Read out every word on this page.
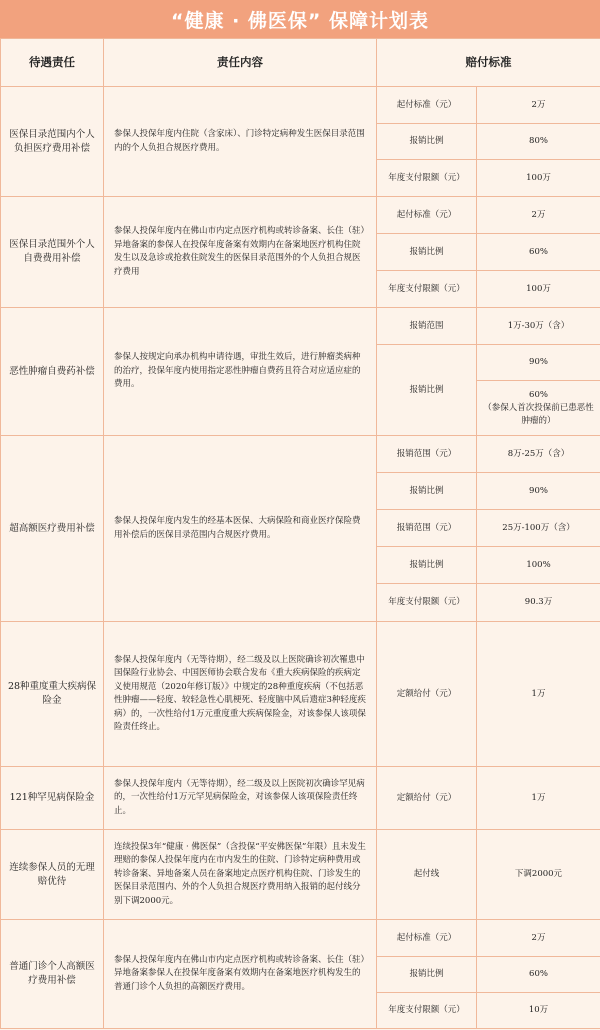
“健康 · 佛医保” 保障计划表
待遇责任	责任内容	赔付标准	
医保目录范围内个人负担医疗费用补偿	参保人投保年度内住院（含家床）、门诊特定病种发生医保目录范围内的个人负担合规医疗费用。	起付标准（元）	2万
		报销比例	80%
		年度支付限额（元）	100万
医保目录范围外个人自费费用补偿	参保人投保年度内在佛山市内定点医疗机构或转诊备案、长住（驻）异地备案的参保人在投保年度备案有效期内在备案地医疗机构住院发生以及急诊或抢救住院发生的医保目录范围外的个人负担合规医疗费用	起付标准（元）	2万
		报销比例	60%
		年度支付限额（元）	100万
恶性肿瘤自费药补偿	参保人按规定向承办机构申请待遇，审批生效后，进行肿瘤类病种的治疗，投保年度内使用指定恶性肿瘤自费药且符合对应适应症的费用。	报销范围	1万-30万（含）
		报销比例	90%

			60%
（参保人首次投保前已患恶性肿瘤的）

超高额医疗费用补偿	参保人投保年度内发生的经基本医保、大病保险和商业医疗保险费用补偿后的医保目录范围内合规医疗费用。	报销范围（元）	8万-25万（含）
		报销比例	90%
		报销范围（元）	25万-100万（含）
		报销比例	100%
		年度支付限额（元）	90.3万
28种重度重大疾病保险金	参保人投保年度内（无等待期），经二级及以上医院确诊初次罹患中国保险行业协会、中国医师协会联合发布《重大疾病保险的疾病定义使用规范（2020年修订版）》中规定的28种重度疾病（不包括恶性肿瘤——轻度、较轻急性心肌梗死、轻度脑中风后遗症3种轻度疾病）的，一次性给付1万元重度重大疾病保险金，对该参保人该项保险责任终止。	定额给付（元）	1万
121种罕见病保险金	参保人投保年度内（无等待期），经二级及以上医院初次确诊罕见病的，一次性给付1万元罕见病保险金，对该参保人该项保险责任终止。	定额给付（元）	1万
连续参保人员的无理赔优待	连续投保3年“健康 · 佛医保”（含投保“平安佛医保”年限）且未发生理赔的参保人投保年度内在市内发生的住院、门诊特定病种费用或转诊备案、异地备案人员在备案地定点医疗机构住院、门诊发生的医保目录范围内、外的个人负担合规医疗费用纳入报销的起付线分别下调2000元。	起付线	下调2000元
普通门诊个人高额医疗费用补偿	参保人投保年度内在佛山市内定点医疗机构或转诊备案、长住（驻）异地备案参保人在投保年度备案有效期内在备案地医疗机构发生的普通门诊个人负担的高额医疗费用。	起付标准（元）	2万
		报销比例	60%
		年度支付限额（元）	10万
